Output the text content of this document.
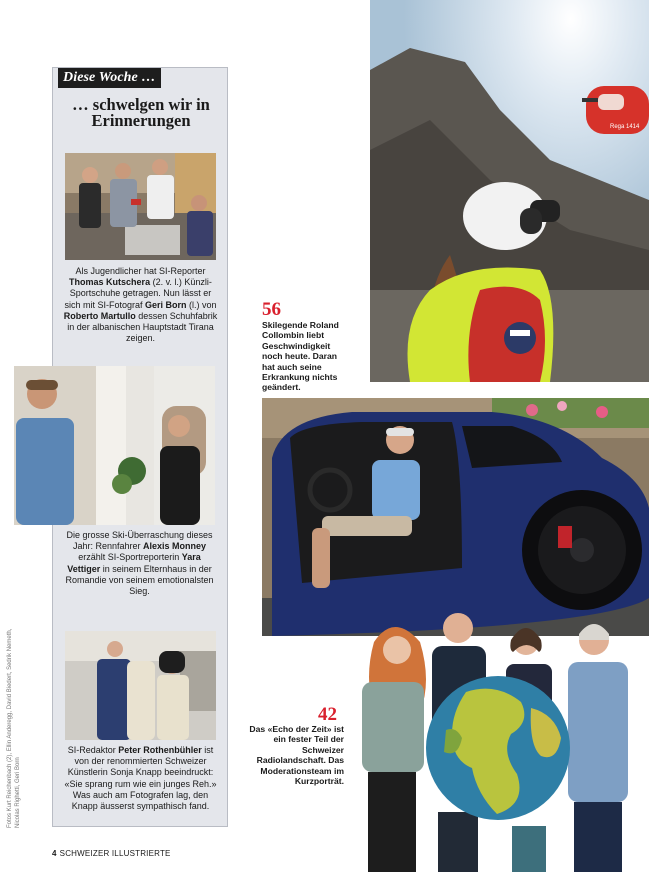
Diese Woche …
… schwelgen wir in Erinnerungen
Als Jugendlicher hat SI-Reporter Thomas Kutschera (2. v. l.) Künzli-Sportschuhe getragen. Nun lässt er sich mit SI-Fotograf Geri Born (l.) von Roberto Martullo dessen Schuhfabrik in der albanischen Hauptstadt Tirana zeigen.
SI-Redaktor Peter Rothenbühler ist von der renommierten Schweizer Künstlerin Sonja Knapp beeindruckt: «Sie sprang rum wie ein junges Reh.» Was auch am Fotografen lag, den Knapp äusserst sympathisch fand.
Die grosse Ski-Überraschung dieses Jahr: Rennfahrer Alexis Monney erzählt SI-Sportreporterin Yara Vettiger in seinem Elternhaus in der Romandie von seinem emotionalsten Sieg.
Rega 1414
56
Skilegende Roland Collombin liebt Geschwindigkeit noch heute. Daran hat auch seine Erkrankung nichts geändert.
42
Das «Echo der Zeit» ist ein fester Teil der Schweizer Radiolandschaft. Das Moderationsteam im Kurzporträt.
Fotos Kurt Reichenbach (2), Ellin Anderegg, David Biedert, Sedrik Nemeth, Nicolas Righetti, Geri Born
4 SCHWEIZER ILLUSTRIERTE
